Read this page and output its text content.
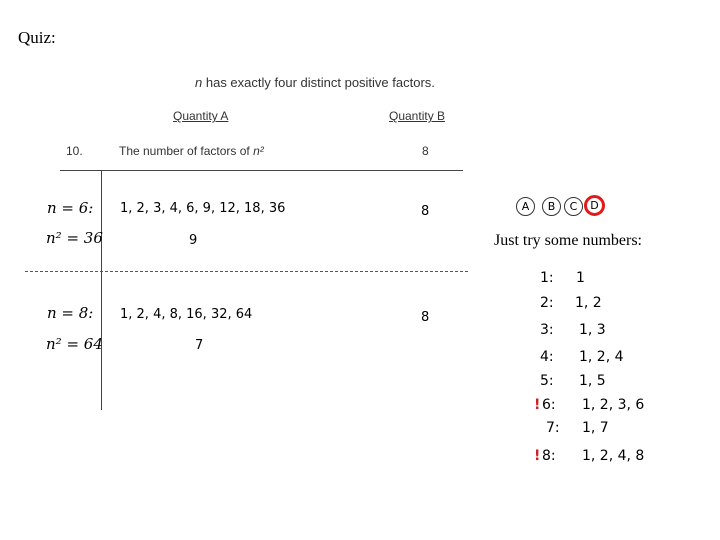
Quiz:
n has exactly four distinct positive factors.
Quantity A	Quantity B
10.	The number of factors of n²	8
n = 6:
n² = 36
1, 2, 3, 4, 6, 9, 12, 18, 36
9
8
n = 8:
n² = 64
1, 2, 4, 8, 16, 32, 64
7
8
A	B	C	D
Just try some numbers:
1: 1
2: 1, 2
3: 1, 3
4: 1, 2, 4
5: 1, 5
! 6: 1, 2, 3, 6
7: 1, 7
! 8: 1, 2, 4, 8
